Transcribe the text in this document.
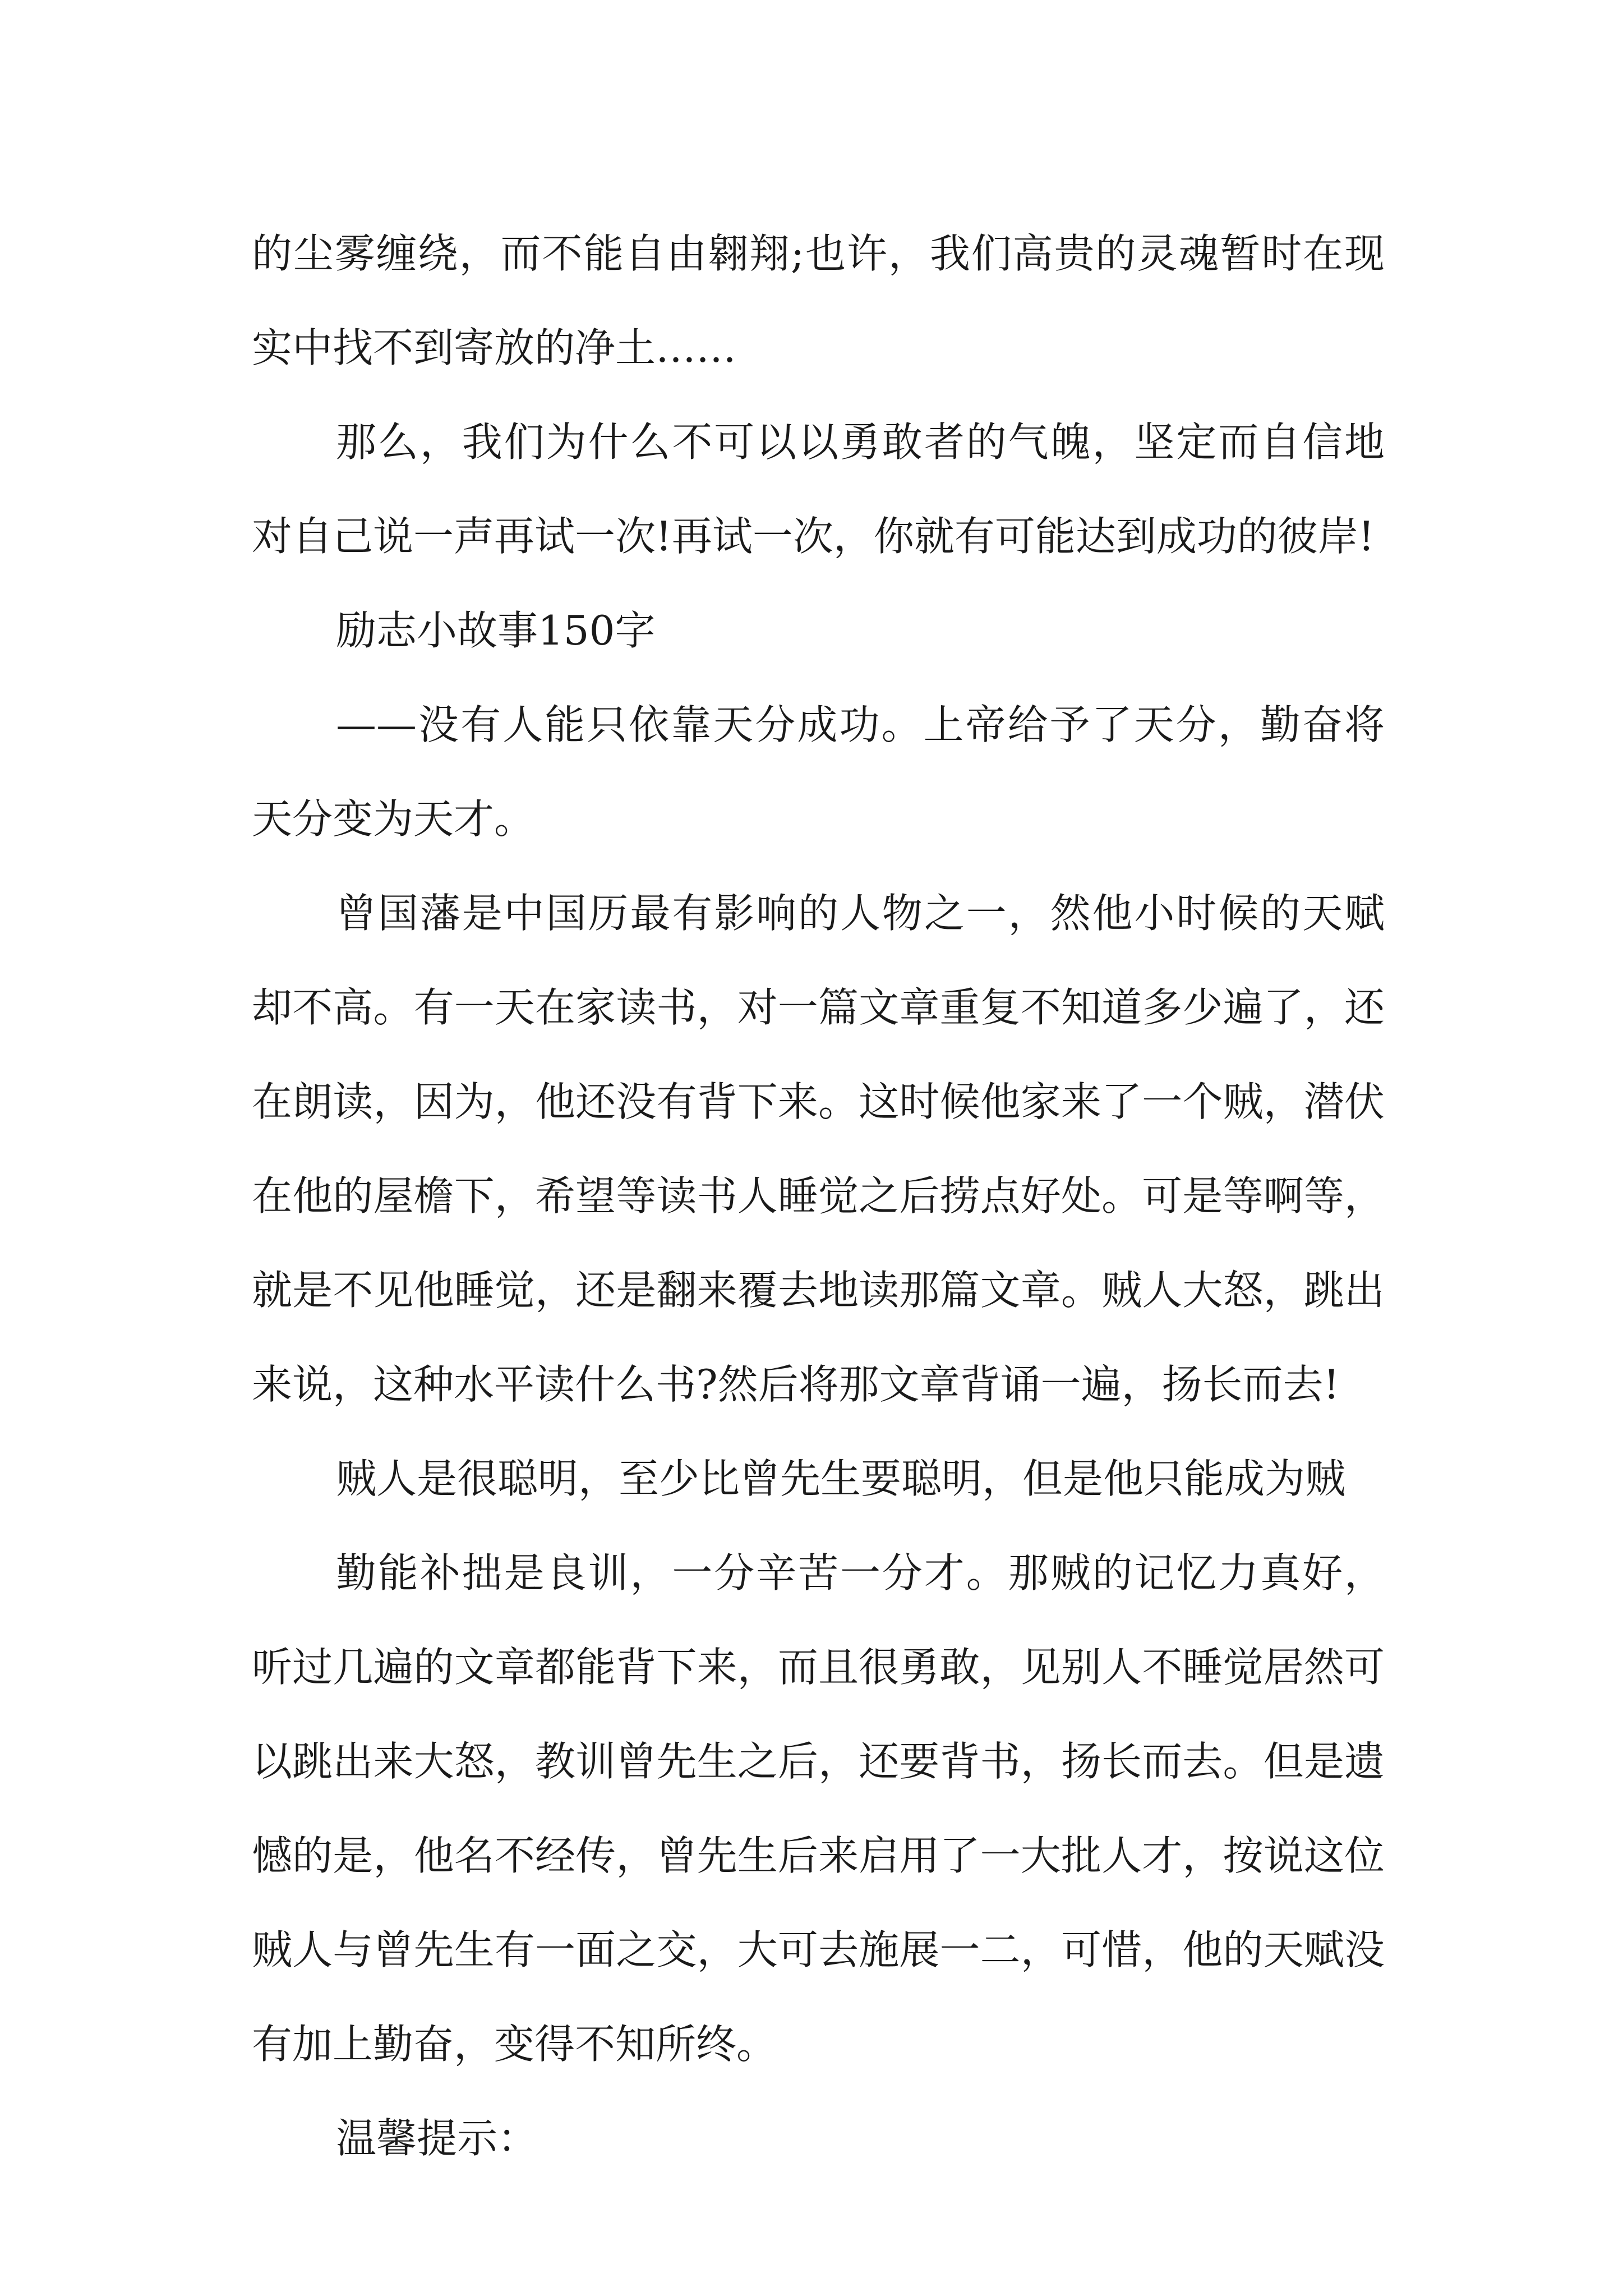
的尘雾缠绕，而不能自由翱翔;也许，我们高贵的灵魂暂时在现实中找不到寄放的净土……

那么，我们为什么不可以以勇敢者的气魄，坚定而自信地对自己说一声再试一次!再试一次，你就有可能达到成功的彼岸!

励志小故事150字

——没有人能只依靠天分成功。上帝给予了天分，勤奋将天分变为天才。

曾国藩是中国历最有影响的人物之一，然他小时候的天赋却不高。有一天在家读书，对一篇文章重复不知道多少遍了，还在朗读，因为，他还没有背下来。这时候他家来了一个贼，潜伏在他的屋檐下，希望等读书人睡觉之后捞点好处。可是等啊等，就是不见他睡觉，还是翻来覆去地读那篇文章。贼人大怒，跳出来说，这种水平读什么书?然后将那文章背诵一遍，扬长而去!

贼人是很聪明，至少比曾先生要聪明，但是他只能成为贼

勤能补拙是良训，一分辛苦一分才。那贼的记忆力真好，听过几遍的文章都能背下来，而且很勇敢，见别人不睡觉居然可以跳出来大怒，教训曾先生之后，还要背书，扬长而去。但是遗憾的是，他名不经传，曾先生后来启用了一大批人才，按说这位贼人与曾先生有一面之交，大可去施展一二，可惜，他的天赋没有加上勤奋，变得不知所终。

温馨提示：
